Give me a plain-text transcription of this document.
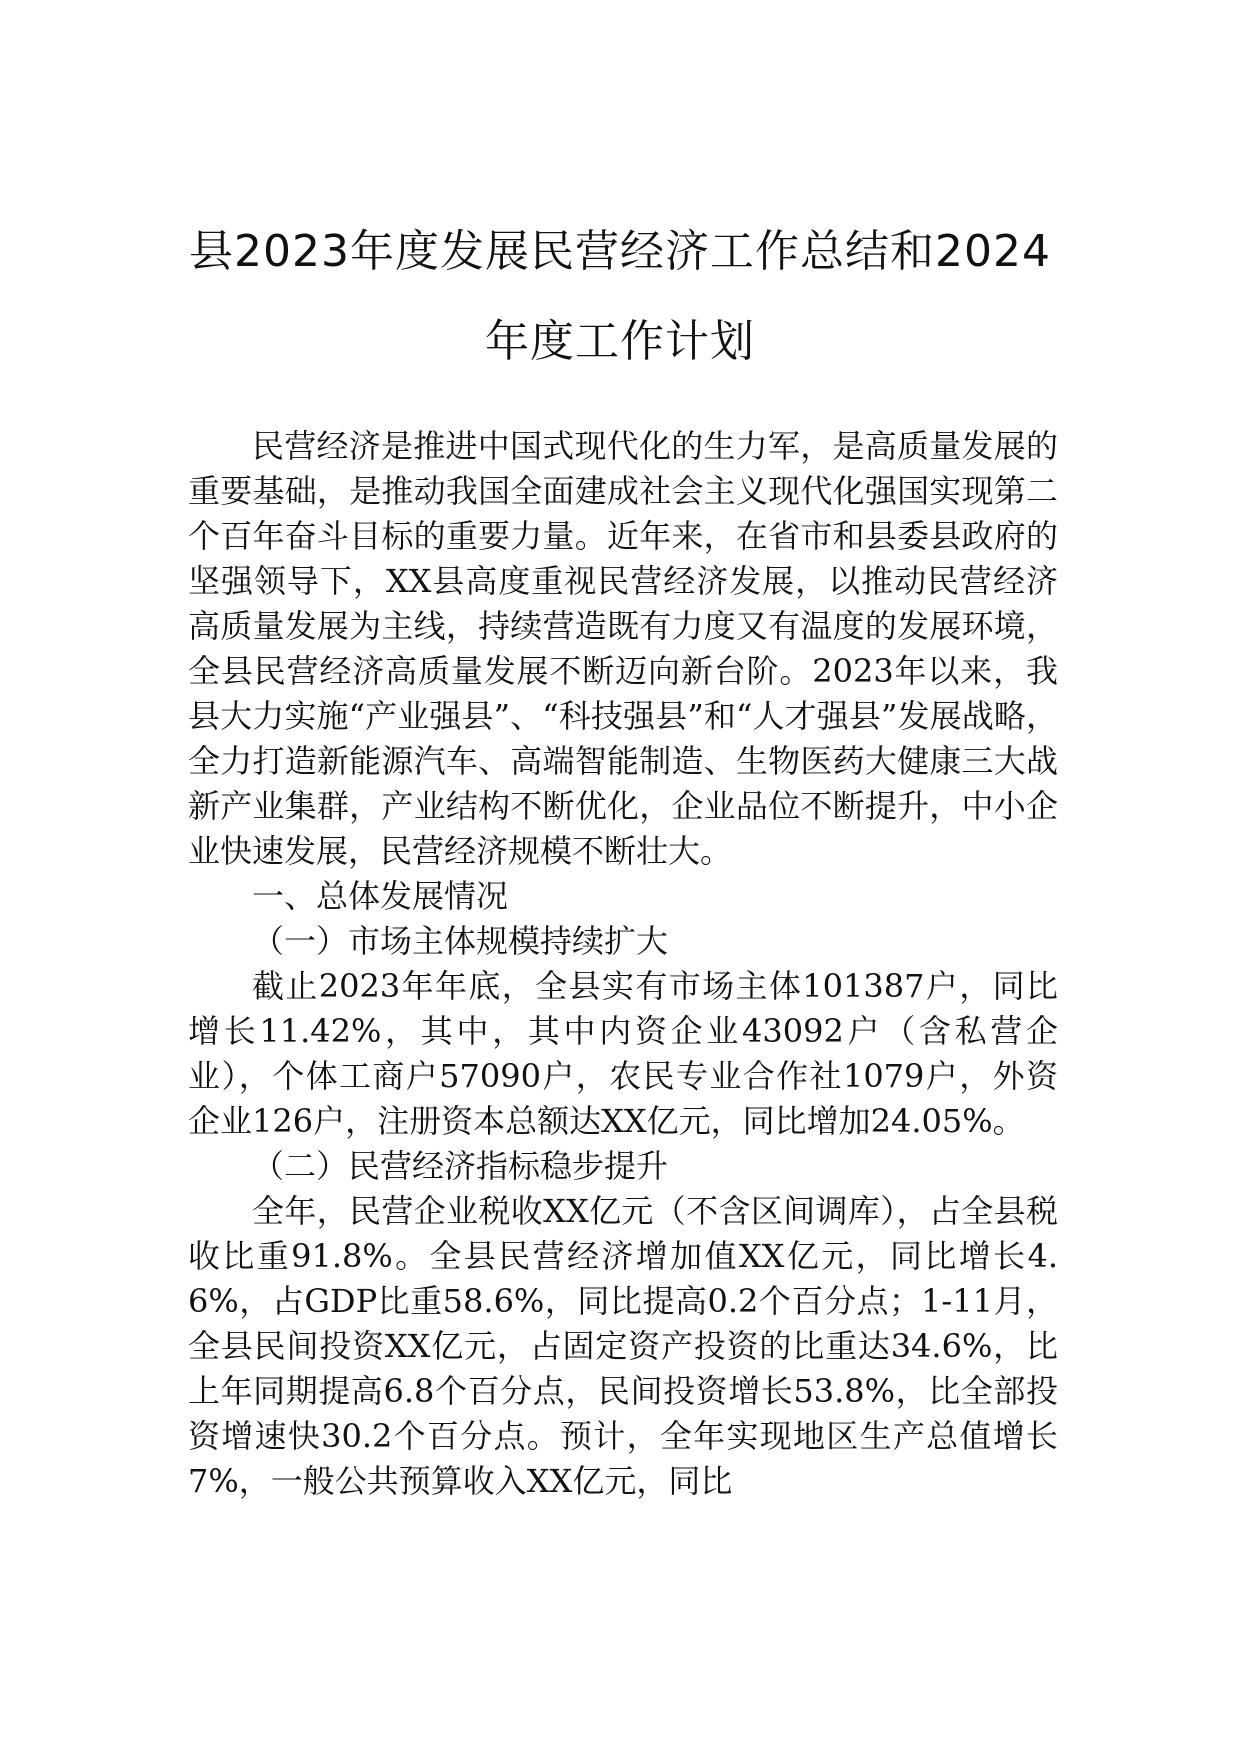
县2023年度发展民营经济工作总结和2024
年度工作计划

民营经济是推进中国式现代化的生力军，是高质量发展的重要基础，是推动我国全面建成社会主义现代化强国实现第二个百年奋斗目标的重要力量。近年来，在省市和县委县政府的坚强领导下，XX县高度重视民营经济发展，以推动民营经济高质量发展为主线，持续营造既有力度又有温度的发展环境，全县民营经济高质量发展不断迈向新台阶。2023年以来，我县大力实施“产业强县”、“科技强县”和“人才强县”发展战略，全力打造新能源汽车、高端智能制造、生物医药大健康三大战新产业集群，产业结构不断优化，企业品位不断提升，中小企业快速发展，民营经济规模不断壮大。

一、总体发展情况

（一）市场主体规模持续扩大

截止2023年年底，全县实有市场主体101387户，同比增长11.42%，其中，其中内资企业43092户（含私营企业），个体工商户57090户，农民专业合作社1079户，外资企业126户，注册资本总额达XX亿元，同比增加24.05%。

（二）民营经济指标稳步提升

全年，民营企业税收XX亿元（不含区间调库），占全县税收比重91.8%。全县民营经济增加值XX亿元，同比增长4.6%，占GDP比重58.6%，同比提高0.2个百分点；1-11月，全县民间投资XX亿元，占固定资产投资的比重达34.6%，比上年同期提高6.8个百分点，民间投资增长53.8%，比全部投资增速快30.2个百分点。预计，全年实现地区生产总值增长7%，一般公共预算收入XX亿元，同比
